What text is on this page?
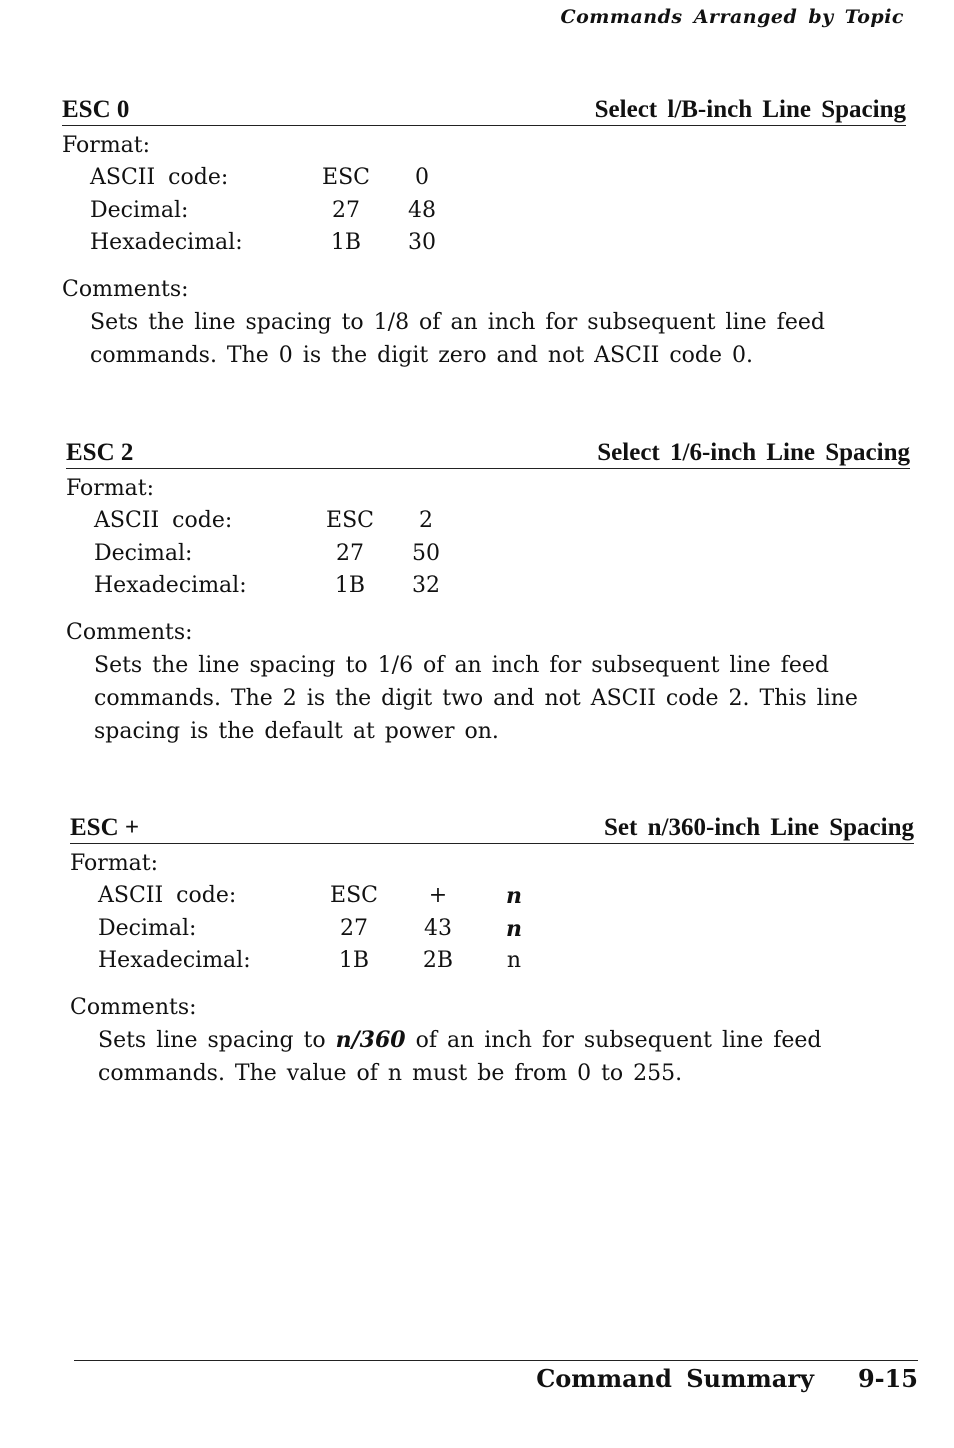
Commands Arranged by Topic
ESC 0	Select l/B-inch Line Spacing
Format:
ASCII code:	ESC	0
Decimal:	27	48
Hexadecimal:	1B	30
Comments:

Sets the line spacing to 1/8 of an inch for subsequent line feed

commands. The 0 is the digit zero and not ASCII code 0.

ESC 2	Select 1/6-inch Line Spacing
Format:
ASCII code:	ESC	2
Decimal:	27	50
Hexadecimal:	1B	32
Comments:

Sets the line spacing to 1/6 of an inch for subsequent line feed

commands. The 2 is the digit two and not ASCII code 2. This line

spacing is the default at power on.

ESC +	Set n/360-inch Line Spacing
Format:
ASCII code:	ESC	+	n
Decimal:	27	43	n
Hexadecimal:	1B	2B	n
Comments:

Sets line spacing to n/360 of an inch for subsequent line feed

commands. The value of n must be from 0 to 255.

Command Summary 9-15
